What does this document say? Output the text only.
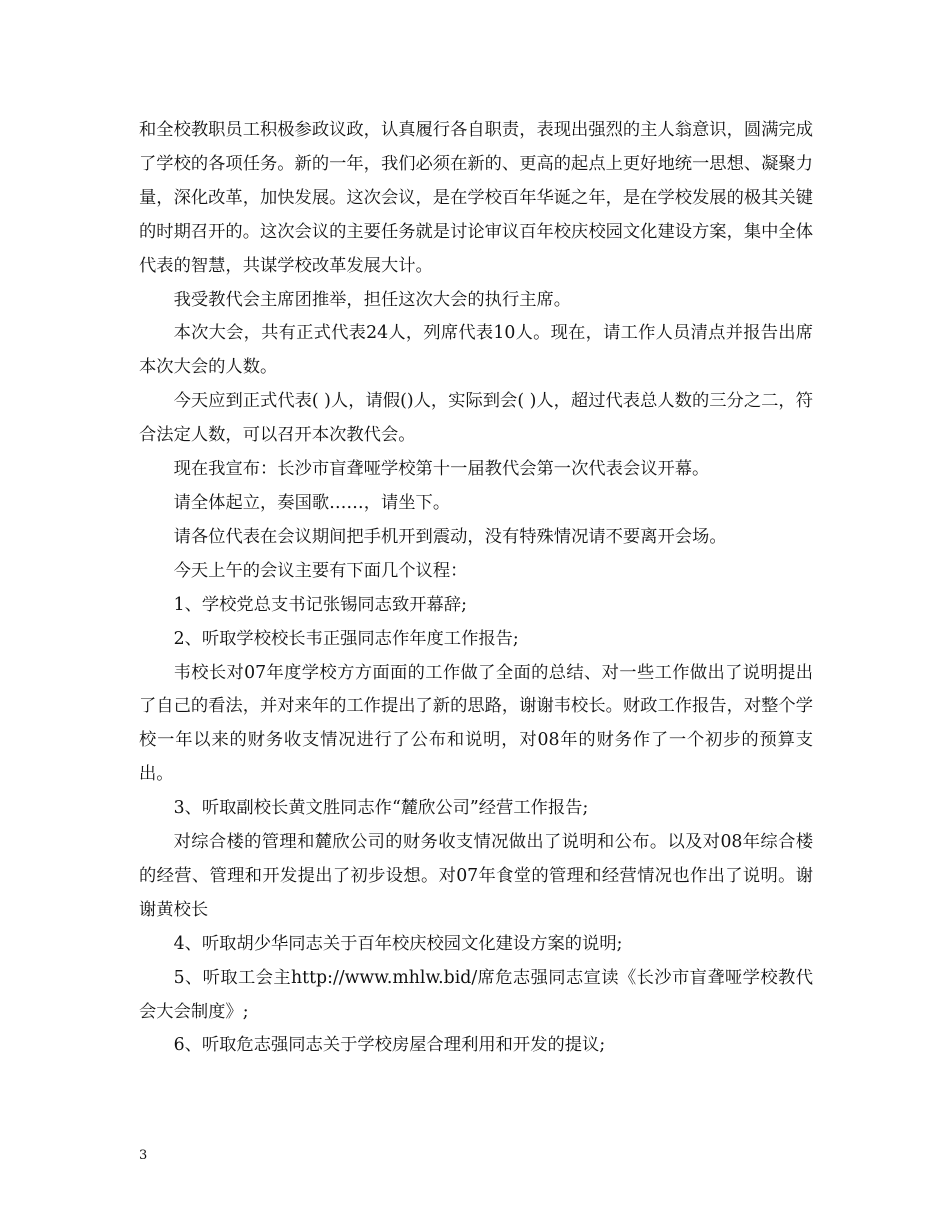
和全校教职员工积极参政议政，认真履行各自职责，表现出强烈的主人翁意识，圆满完成了学校的各项任务。新的一年，我们必须在新的、更高的起点上更好地统一思想、凝聚力量，深化改革，加快发展。这次会议，是在学校百年华诞之年，是在学校发展的极其关键的时期召开的。这次会议的主要任务就是讨论审议百年校庆校园文化建设方案，集中全体代表的智慧，共谋学校改革发展大计。

我受教代会主席团推举，担任这次大会的执行主席。

本次大会，共有正式代表24人，列席代表10人。现在，请工作人员清点并报告出席本次大会的人数。

今天应到正式代表( )人，请假()人，实际到会( )人，超过代表总人数的三分之二，符合法定人数，可以召开本次教代会。

现在我宣布：长沙市盲聋哑学校第十一届教代会第一次代表会议开幕。

请全体起立，奏国歌……，请坐下。

请各位代表在会议期间把手机开到震动，没有特殊情况请不要离开会场。

今天上午的会议主要有下面几个议程：

1、学校党总支书记张锡同志致开幕辞;

2、听取学校校长韦正强同志作年度工作报告;

韦校长对07年度学校方方面面的工作做了全面的总结、对一些工作做出了说明提出了自己的看法，并对来年的工作提出了新的思路，谢谢韦校长。财政工作报告，对整个学校一年以来的财务收支情况进行了公布和说明，对08年的财务作了一个初步的预算支出。

3、听取副校长黄文胜同志作“麓欣公司”经营工作报告;

对综合楼的管理和麓欣公司的财务收支情况做出了说明和公布。以及对08年综合楼的经营、管理和开发提出了初步设想。对07年食堂的管理和经营情况也作出了说明。谢谢黄校长

4、听取胡少华同志关于百年校庆校园文化建设方案的说明;

5、听取工会主http://www.mhlw.bid/席危志强同志宣读《长沙市盲聋哑学校教代会大会制度》;

6、听取危志强同志关于学校房屋合理利用和开发的提议;

3
